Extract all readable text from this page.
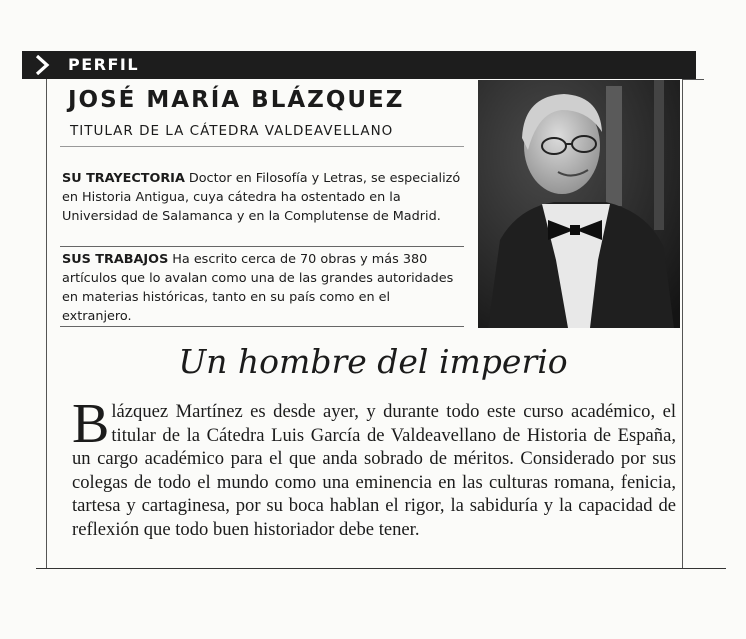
PERFIL
JOSÉ MARÍA BLÁZQUEZ
TITULAR DE LA CÁTEDRA VALDEAVELLANO
SU TRAYECTORIA Doctor en Filosofía y Letras, se especializó en Historia Antigua, cuya cátedra ha ostentado en la Universidad de Salamanca y en la Complutense de Madrid.
SUS TRABAJOS Ha escrito cerca de 70 obras y más 380 artículos que lo avalan como una de las grandes autoridades en materias históricas, tanto en su país como en el extranjero.
Un hombre del imperio
Blázquez Martínez es desde ayer, y durante todo este curso académico, el titular de la Cátedra Luis García de Valdeavellano de Historia de España, un cargo académico para el que anda sobrado de méritos. Considerado por sus colegas de todo el mundo como una eminencia en las culturas romana, fenicia, tartesa y cartaginesa, por su boca hablan el rigor, la sabiduría y la capacidad de reflexión que todo buen historiador debe tener.
